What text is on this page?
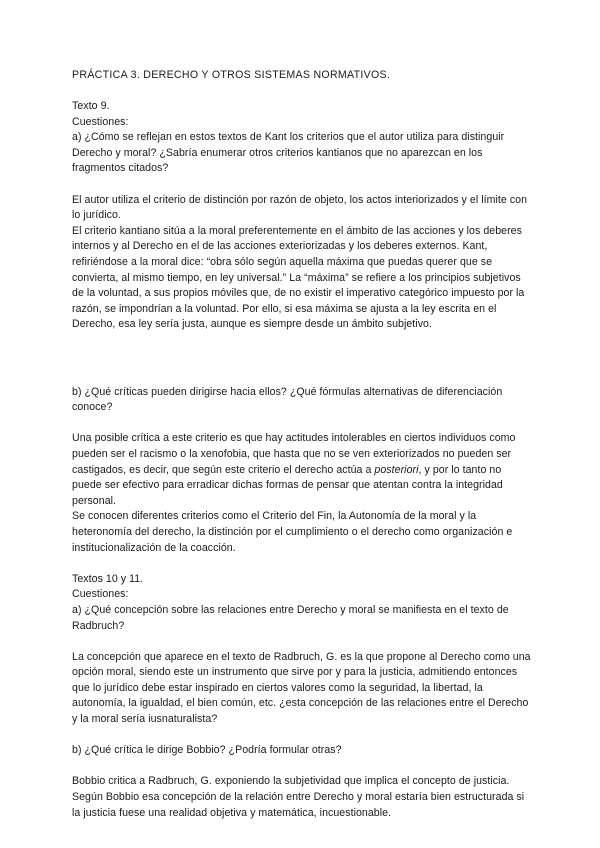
PRÁCTICA 3. DERECHO Y OTROS SISTEMAS NORMATIVOS.

Texto 9.

Cuestiones:

a) ¿Cómo se reflejan en estos textos de Kant los criterios que el autor utiliza para distinguir Derecho y moral? ¿Sabría enumerar otros criterios kantianos que no aparezcan en los fragmentos citados?

El autor utiliza el criterio de distinción por razón de objeto, los actos interiorizados y el límite con lo jurídico.

El criterio kantiano sitúa a la moral preferentemente en el ámbito de las acciones y los deberes internos y al Derecho en el de las acciones exteriorizadas y los deberes externos. Kant, refiriéndose a la moral dice: “obra sólo según aquella máxima que puedas querer que se convierta, al mismo tiempo, en ley universal.” La “máxima” se refiere a los principios subjetivos de la voluntad, a sus propios móviles que, de no existir el imperativo categórico impuesto por la razón, se impondrían a la voluntad. Por ello, si esa máxima se ajusta a la ley escrita en el Derecho, esa ley sería justa, aunque es siempre desde un ámbito subjetivo.

b) ¿Qué críticas pueden dirigirse hacia ellos? ¿Qué fórmulas alternativas de diferenciación conoce?

Una posible crítica a este criterio es que hay actitudes intolerables en ciertos individuos como pueden ser el racismo o la xenofobia, que hasta que no se ven exteriorizados no pueden ser castigados, es decir, que según este criterio el derecho actúa a posteriori, y por lo tanto no puede ser efectivo para erradicar dichas formas de pensar que atentan contra la integridad personal.

Se conocen diferentes criterios como el Criterio del Fin, la Autonomía de la moral y la heteronomía del derecho, la distinción por el cumplimiento o el derecho como organización e institucionalización de la coacción.

Textos 10 y 11.

Cuestiones:

a) ¿Qué concepción sobre las relaciones entre Derecho y moral se manifiesta en el texto de Radbruch?

La concepción que aparece en el texto de Radbruch, G. es la que propone al Derecho como una opción moral, siendo este un instrumento que sirve por y para la justicia, admitiendo entonces que lo jurídico debe estar inspirado en ciertos valores como la seguridad, la libertad, la autonomía, la igualdad, el bien común, etc. ¿esta concepción de las relaciones entre el Derecho y la moral sería iusnaturalista?

b) ¿Qué crítica le dirige Bobbio? ¿Podría formular otras?

Bobbio critica a Radbruch, G. exponiendo la subjetividad que implica el concepto de justicia. Según Bobbio esa concepción de la relación entre Derecho y moral estaría bien estructurada si la justicia fuese una realidad objetiva y matemática, incuestionable.
